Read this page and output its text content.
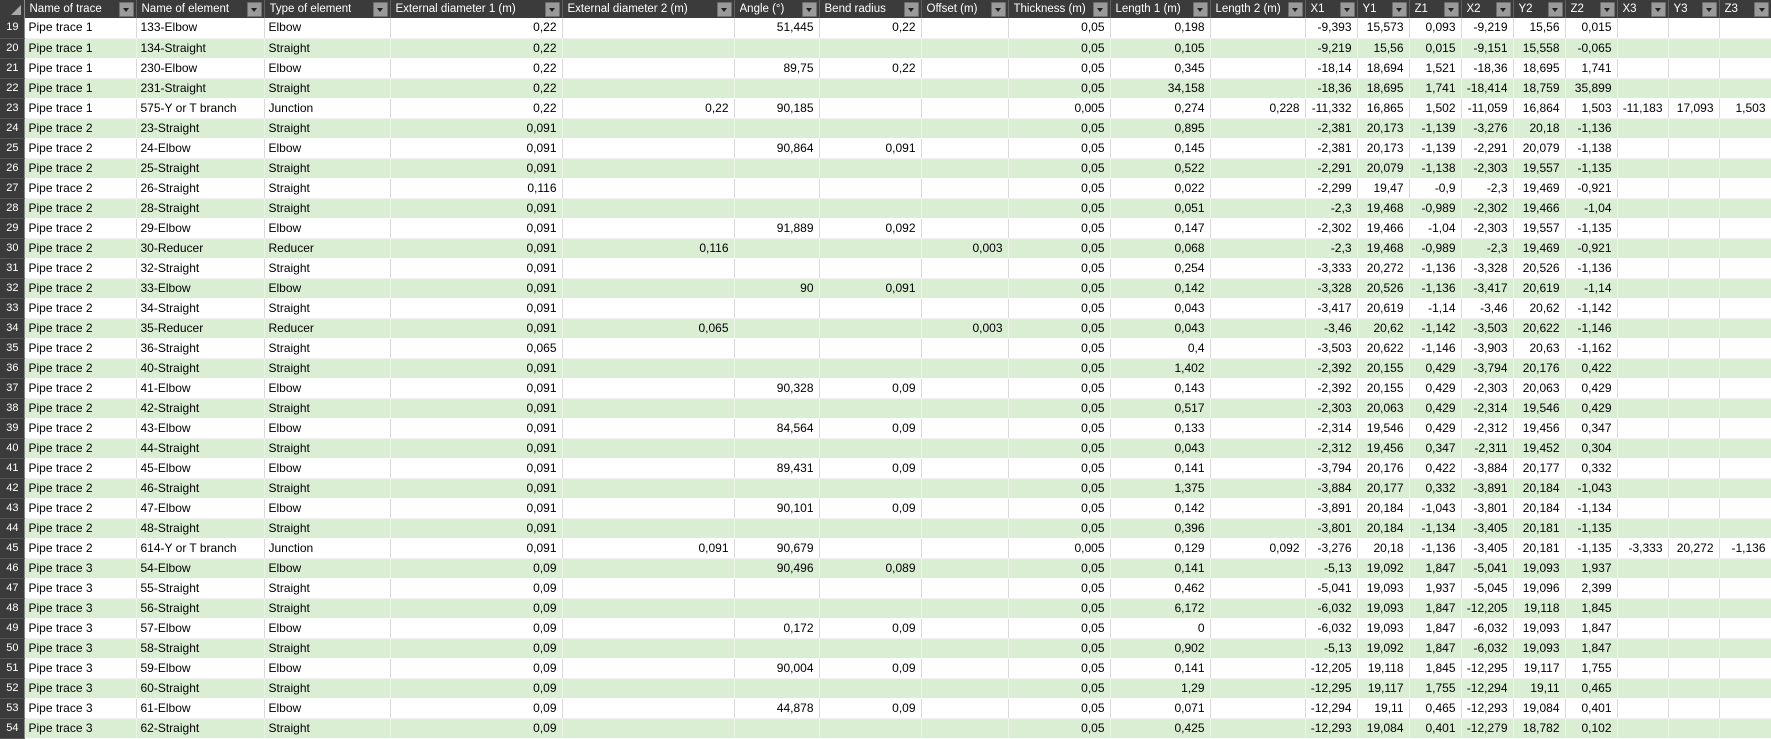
	Name of trace	Name of element	Type of element	External diameter 1 (m)	External diameter 2 (m)	Angle (°)	Bend radius	Offset (m)	Thickness (m)	Length 1 (m)	Length 2 (m)	X1	Y1	Z1	X2	Y2	Z2	X3	Y3	Z3

19	Pipe trace 1	133-Elbow	Elbow	0,22		51,445	0,22		0,05	0,198		-9,393	15,573	0,093	-9,219	15,56	0,015			
20	Pipe trace 1	134-Straight	Straight	0,22					0,05	0,105		-9,219	15,56	0,015	-9,151	15,558	-0,065			
21	Pipe trace 1	230-Elbow	Elbow	0,22		89,75	0,22		0,05	0,345		-18,14	18,694	1,521	-18,36	18,695	1,741			
22	Pipe trace 1	231-Straight	Straight	0,22					0,05	34,158		-18,36	18,695	1,741	-18,414	18,759	35,899			
23	Pipe trace 1	575-Y or T branch	Junction	0,22	0,22	90,185			0,005	0,274	0,228	-11,332	16,865	1,502	-11,059	16,864	1,503	-11,183	17,093	1,503
24	Pipe trace 2	23-Straight	Straight	0,091					0,05	0,895		-2,381	20,173	-1,139	-3,276	20,18	-1,136			
25	Pipe trace 2	24-Elbow	Elbow	0,091		90,864	0,091		0,05	0,145		-2,381	20,173	-1,139	-2,291	20,079	-1,138			
26	Pipe trace 2	25-Straight	Straight	0,091					0,05	0,522		-2,291	20,079	-1,138	-2,303	19,557	-1,135			
27	Pipe trace 2	26-Straight	Straight	0,116					0,05	0,022		-2,299	19,47	-0,9	-2,3	19,469	-0,921			
28	Pipe trace 2	28-Straight	Straight	0,091					0,05	0,051		-2,3	19,468	-0,989	-2,302	19,466	-1,04			
29	Pipe trace 2	29-Elbow	Elbow	0,091		91,889	0,092		0,05	0,147		-2,302	19,466	-1,04	-2,303	19,557	-1,135			
30	Pipe trace 2	30-Reducer	Reducer	0,091	0,116			0,003	0,05	0,068		-2,3	19,468	-0,989	-2,3	19,469	-0,921			
31	Pipe trace 2	32-Straight	Straight	0,091					0,05	0,254		-3,333	20,272	-1,136	-3,328	20,526	-1,136			
32	Pipe trace 2	33-Elbow	Elbow	0,091		90	0,091		0,05	0,142		-3,328	20,526	-1,136	-3,417	20,619	-1,14			
33	Pipe trace 2	34-Straight	Straight	0,091					0,05	0,043		-3,417	20,619	-1,14	-3,46	20,62	-1,142			
34	Pipe trace 2	35-Reducer	Reducer	0,091	0,065			0,003	0,05	0,043		-3,46	20,62	-1,142	-3,503	20,622	-1,146			
35	Pipe trace 2	36-Straight	Straight	0,065					0,05	0,4		-3,503	20,622	-1,146	-3,903	20,63	-1,162			
36	Pipe trace 2	40-Straight	Straight	0,091					0,05	1,402		-2,392	20,155	0,429	-3,794	20,176	0,422			
37	Pipe trace 2	41-Elbow	Elbow	0,091		90,328	0,09		0,05	0,143		-2,392	20,155	0,429	-2,303	20,063	0,429			
38	Pipe trace 2	42-Straight	Straight	0,091					0,05	0,517		-2,303	20,063	0,429	-2,314	19,546	0,429			
39	Pipe trace 2	43-Elbow	Elbow	0,091		84,564	0,09		0,05	0,133		-2,314	19,546	0,429	-2,312	19,456	0,347			
40	Pipe trace 2	44-Straight	Straight	0,091					0,05	0,043		-2,312	19,456	0,347	-2,311	19,452	0,304			
41	Pipe trace 2	45-Elbow	Elbow	0,091		89,431	0,09		0,05	0,141		-3,794	20,176	0,422	-3,884	20,177	0,332			
42	Pipe trace 2	46-Straight	Straight	0,091					0,05	1,375		-3,884	20,177	0,332	-3,891	20,184	-1,043			
43	Pipe trace 2	47-Elbow	Elbow	0,091		90,101	0,09		0,05	0,142		-3,891	20,184	-1,043	-3,801	20,184	-1,134			
44	Pipe trace 2	48-Straight	Straight	0,091					0,05	0,396		-3,801	20,184	-1,134	-3,405	20,181	-1,135			
45	Pipe trace 2	614-Y or T branch	Junction	0,091	0,091	90,679			0,005	0,129	0,092	-3,276	20,18	-1,136	-3,405	20,181	-1,135	-3,333	20,272	-1,136
46	Pipe trace 3	54-Elbow	Elbow	0,09		90,496	0,089		0,05	0,141		-5,13	19,092	1,847	-5,041	19,093	1,937			
47	Pipe trace 3	55-Straight	Straight	0,09					0,05	0,462		-5,041	19,093	1,937	-5,045	19,096	2,399			
48	Pipe trace 3	56-Straight	Straight	0,09					0,05	6,172		-6,032	19,093	1,847	-12,205	19,118	1,845			
49	Pipe trace 3	57-Elbow	Elbow	0,09		0,172	0,09		0,05	0		-6,032	19,093	1,847	-6,032	19,093	1,847			
50	Pipe trace 3	58-Straight	Straight	0,09					0,05	0,902		-5,13	19,092	1,847	-6,032	19,093	1,847			
51	Pipe trace 3	59-Elbow	Elbow	0,09		90,004	0,09		0,05	0,141		-12,205	19,118	1,845	-12,295	19,117	1,755			
52	Pipe trace 3	60-Straight	Straight	0,09					0,05	1,29		-12,295	19,117	1,755	-12,294	19,11	0,465			
53	Pipe trace 3	61-Elbow	Elbow	0,09		44,878	0,09		0,05	0,071		-12,294	19,11	0,465	-12,293	19,084	0,401			
54	Pipe trace 3	62-Straight	Straight	0,09					0,05	0,425		-12,293	19,084	0,401	-12,279	18,782	0,102			
